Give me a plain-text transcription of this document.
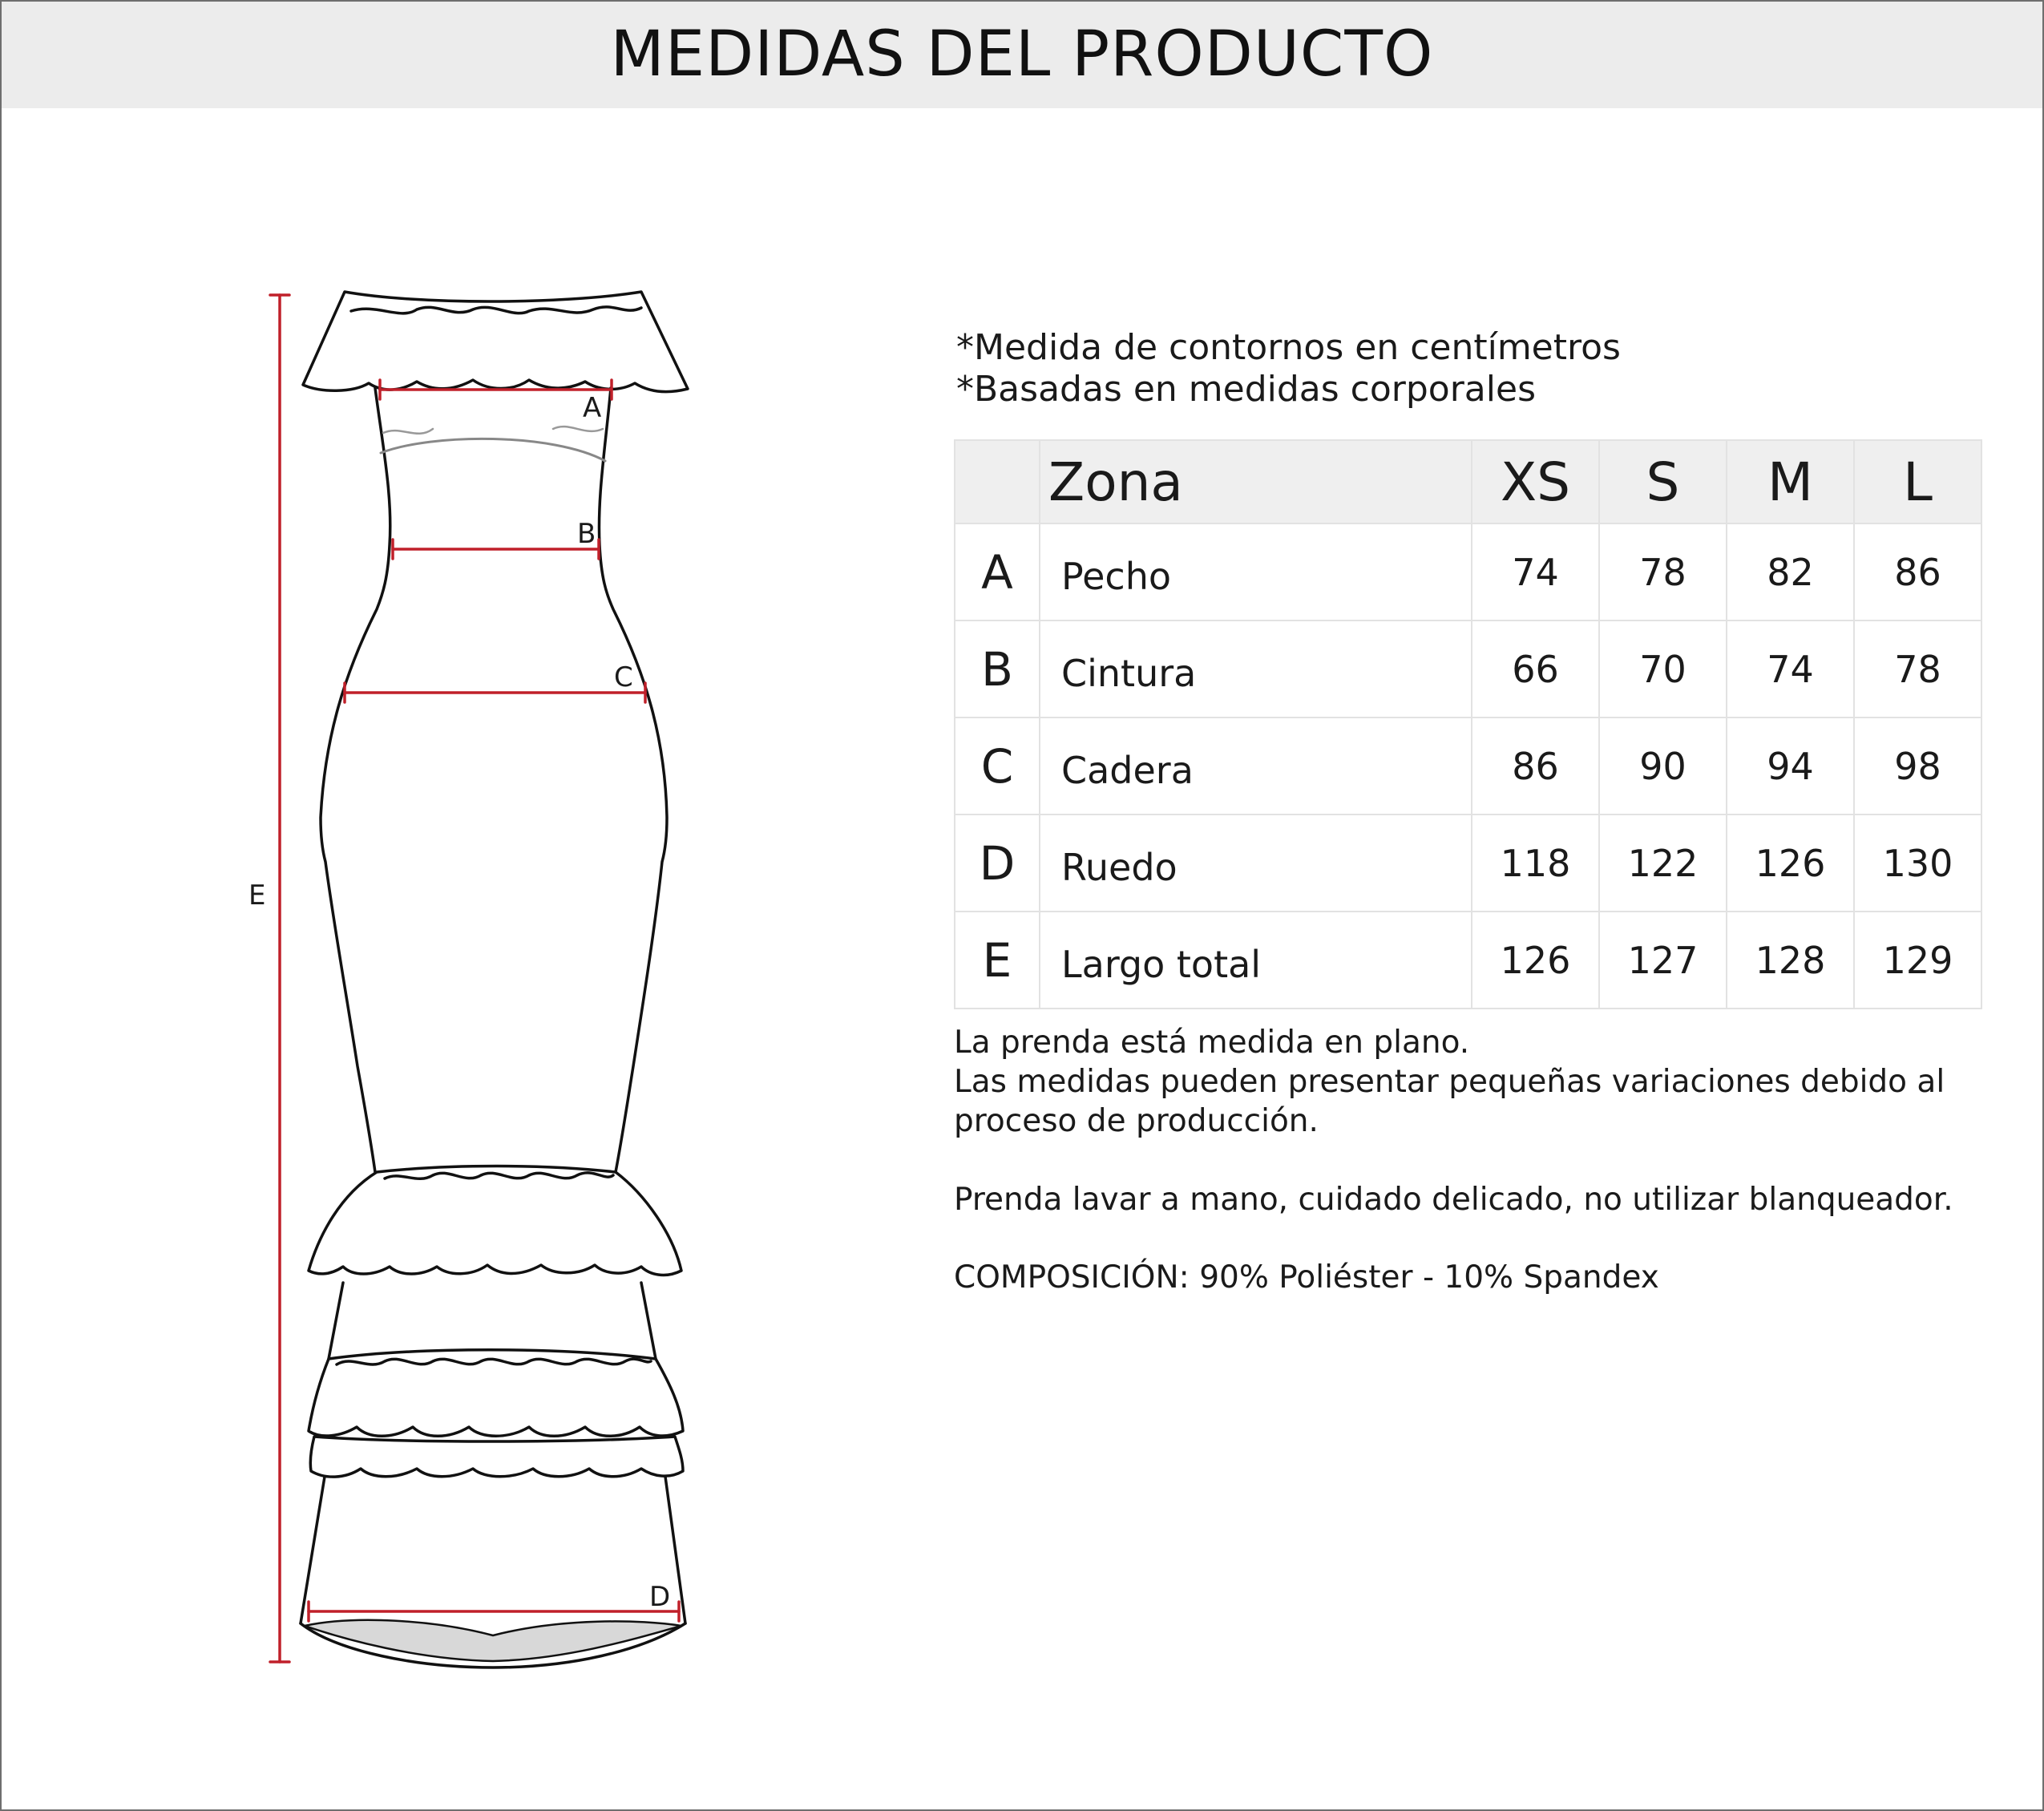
MEDIDAS DEL PRODUCTO
A
B
C
D
E
*Medida de contornos en centímetros
*Basadas en medidas corporales
	Zona	XS	S	M	L
A	Pecho	74	78	82	86
B	Cintura	66	70	74	78
C	Cadera	86	90	94	98
D	Ruedo	118	122	126	130
E	Largo total	126	127	128	129
La prenda está medida en plano.
Las medidas pueden presentar pequeñas variaciones debido al
proceso de producción.
Prenda lavar a mano, cuidado delicado, no utilizar blanqueador.
COMPOSICIÓN: 90% Poliéster - 10% Spandex
